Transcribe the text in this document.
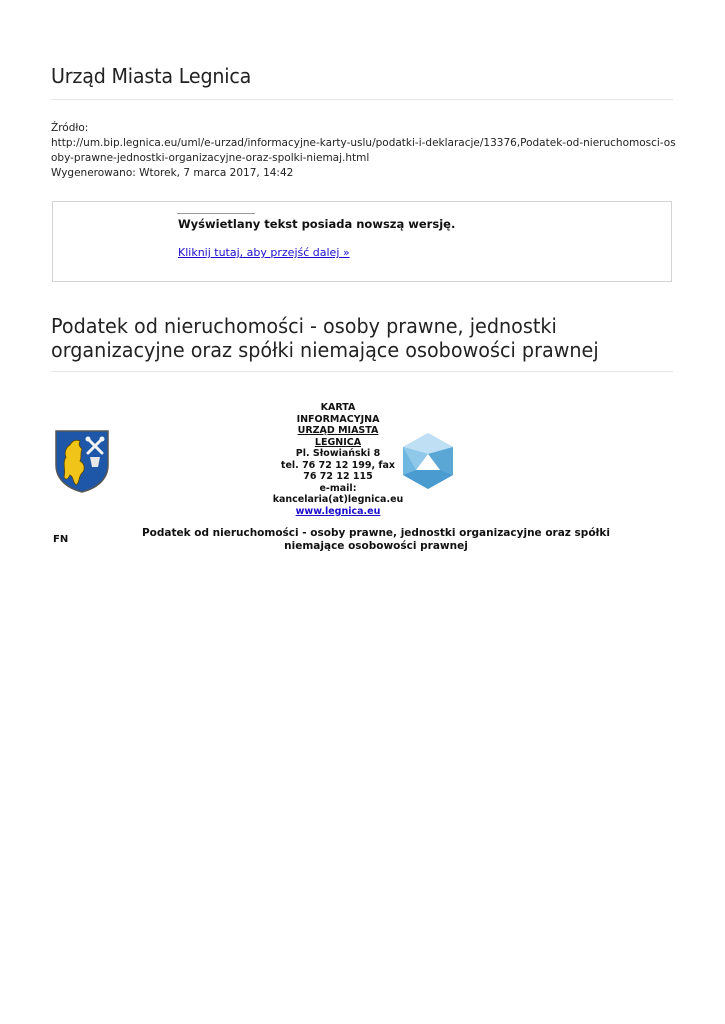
Urząd Miasta Legnica
Źródło:
http://um.bip.legnica.eu/uml/e-urzad/informacyjne-karty-uslu/podatki-i-deklaracje/13376,Podatek-od-nieruchomosci-osoby-prawne-jednostki-organizacyjne-oraz-spolki-niemaj.html
Wygenerowano: Wtorek, 7 marca 2017, 14:42
Wyświetlany tekst posiada nowszą wersję.
Kliknij tutaj, aby przejść dalej »
Podatek od nieruchomości - osoby prawne, jednostki organizacyjne oraz spółki niemające osobowości prawnej
KARTA
INFORMACYJNA
URZĄD MIASTA
LEGNICA
Pl. Słowiański 8
tel. 76 72 12 199, fax
76 72 12 115
e-mail:
kancelaria(at)legnica.eu
www.legnica.eu
FN
Podatek od nieruchomości - osoby prawne, jednostki organizacyjne oraz spółki niemające osobowości prawnej
